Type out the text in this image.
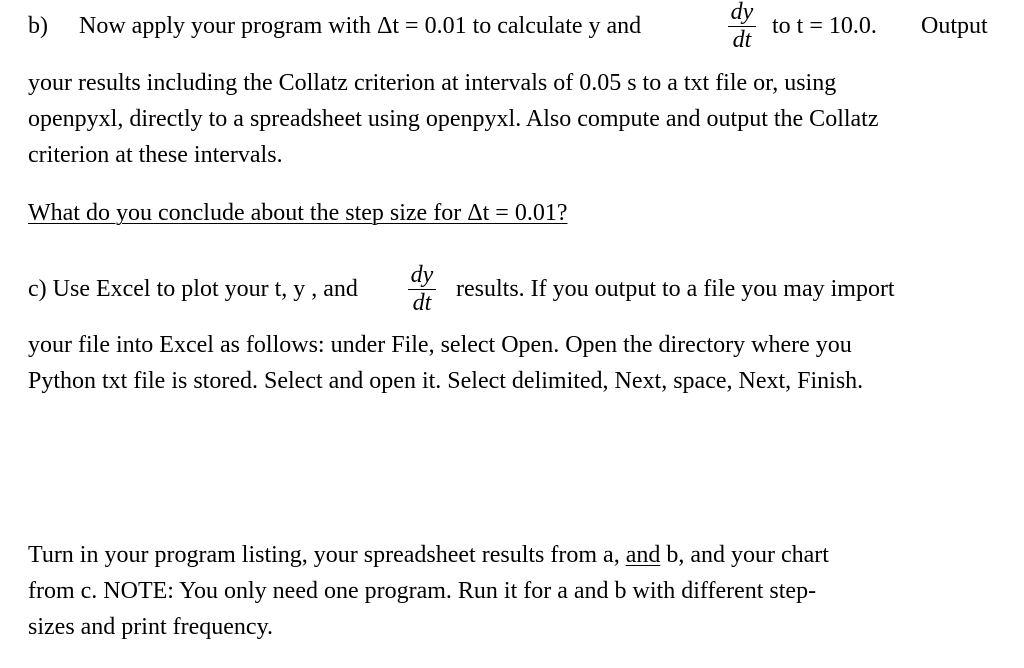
b) Now apply your program with Δt = 0.01 to calculate y and
dy
dt
to t = 10.0. Output
your results including the Collatz criterion at intervals of 0.05 s to a txt file or, using
openpyxl, directly to a spreadsheet using openpyxl. Also compute and output the Collatz
criterion at these intervals.
What do you conclude about the step size for Δt = 0.01?
c) Use Excel to plot your t, y , and
dy
dt
results. If you output to a file you may import
your file into Excel as follows: under File, select Open. Open the directory where you
Python txt file is stored. Select and open it. Select delimited, Next, space, Next, Finish.
Turn in your program listing, your spreadsheet results from a, and b, and your chart
from c. NOTE: You only need one program. Run it for a and b with different step-
sizes and print frequency.
